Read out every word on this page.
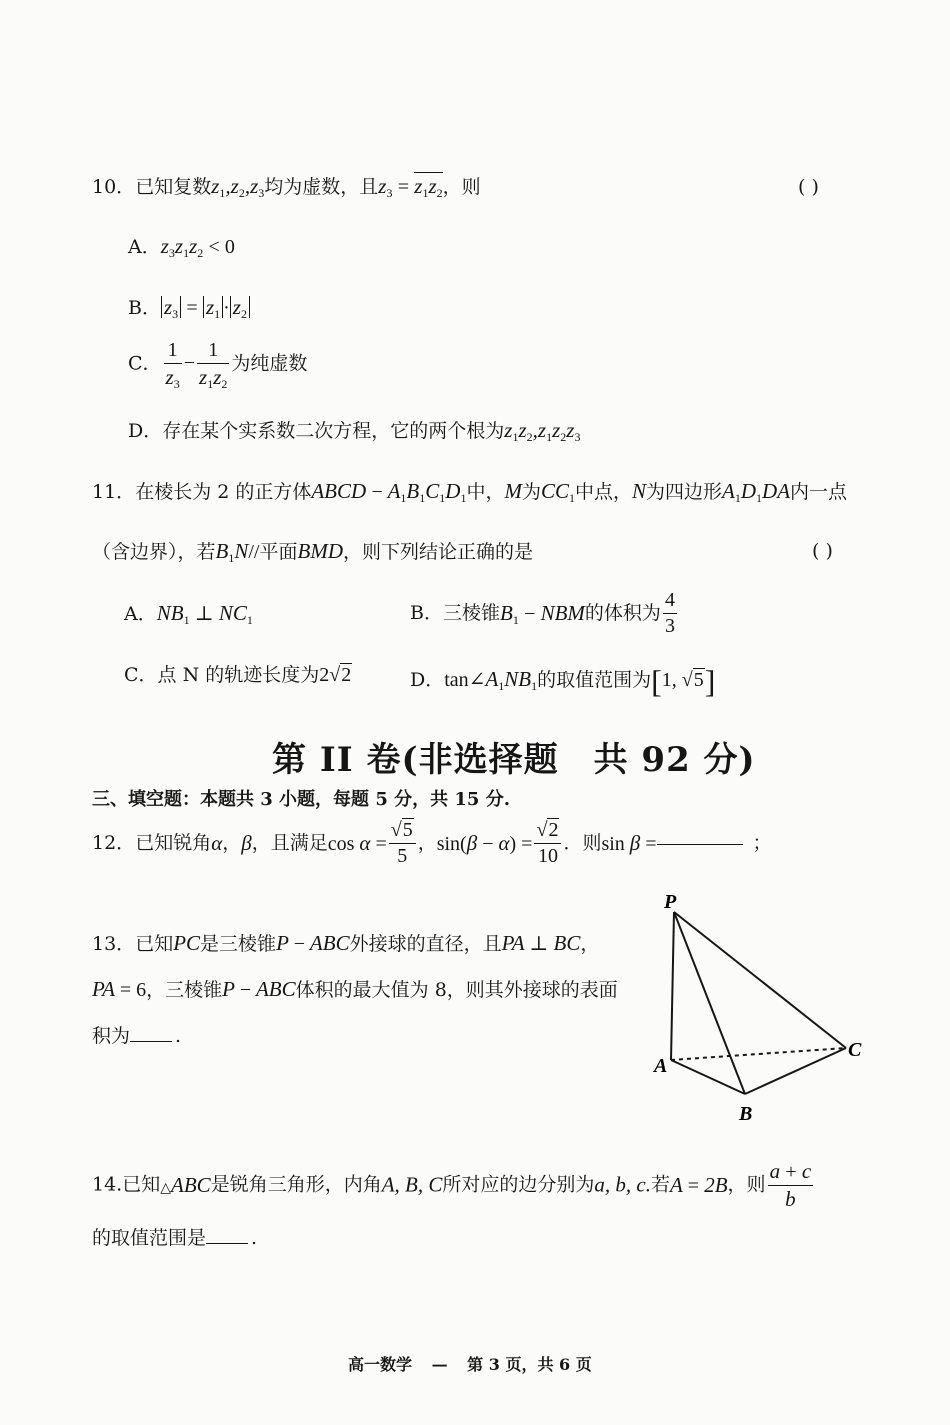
10．已知复数$z_1,z_2,z_3$均为虚数，且$z_3 = z_1z_2$，则	( )
A．$z_3z_1z_2 < 0$
B． $z_3 = z_1 \cdot z_2$
C． $\frac{1}{z_3} - \frac{1}{z_1z_2}$ 为纯虚数
D．存在某个实系数二次方程，它的两个根为$z_1z_2,z_1z_2z_3$
11．在棱长为 2 的正方体ABCD − $A_1B_1C_1D_1$中，M为$CC_1$中点，N为四边形$A_1D_1DA$内一点
（含边界），若$B_1N//$平面BMD，则下列结论正确的是	( )
A．$NB_1$ ⊥ $NC_1$	B．三棱锥$B_1$ − NBM的体积为 $\frac{4}{3}$
C．点 N 的轨迹长度为2√2	D．$\tan\angle A_1NB_1$的取值范围为[1, √5]
第 II 卷(非选择题　共 92 分)
三、填空题：本题共 3 小题，每题 5 分，共 15 分.
12．已知锐角α，β，且满足$\cos \alpha = \frac{√5}{5}$ ，$\sin(\beta - \alpha) = \frac{√2}{10}$ ．则sin β =	；
13．已知PC是三棱锥P − ABC外接球的直径，且PA ⊥ BC，
PA = 6，三棱锥P − ABC体积的最大值为 8，则其外接球的表面
积为 .
P
A
B
C
14.已知△ABC是锐角三角形，内角A, B, C所对应的边分别为a, b, c.若A = 2B，则 $\frac{a + c}{b}$
的取值范围是 .
高一数学 — 第 3 页，共 6 页
